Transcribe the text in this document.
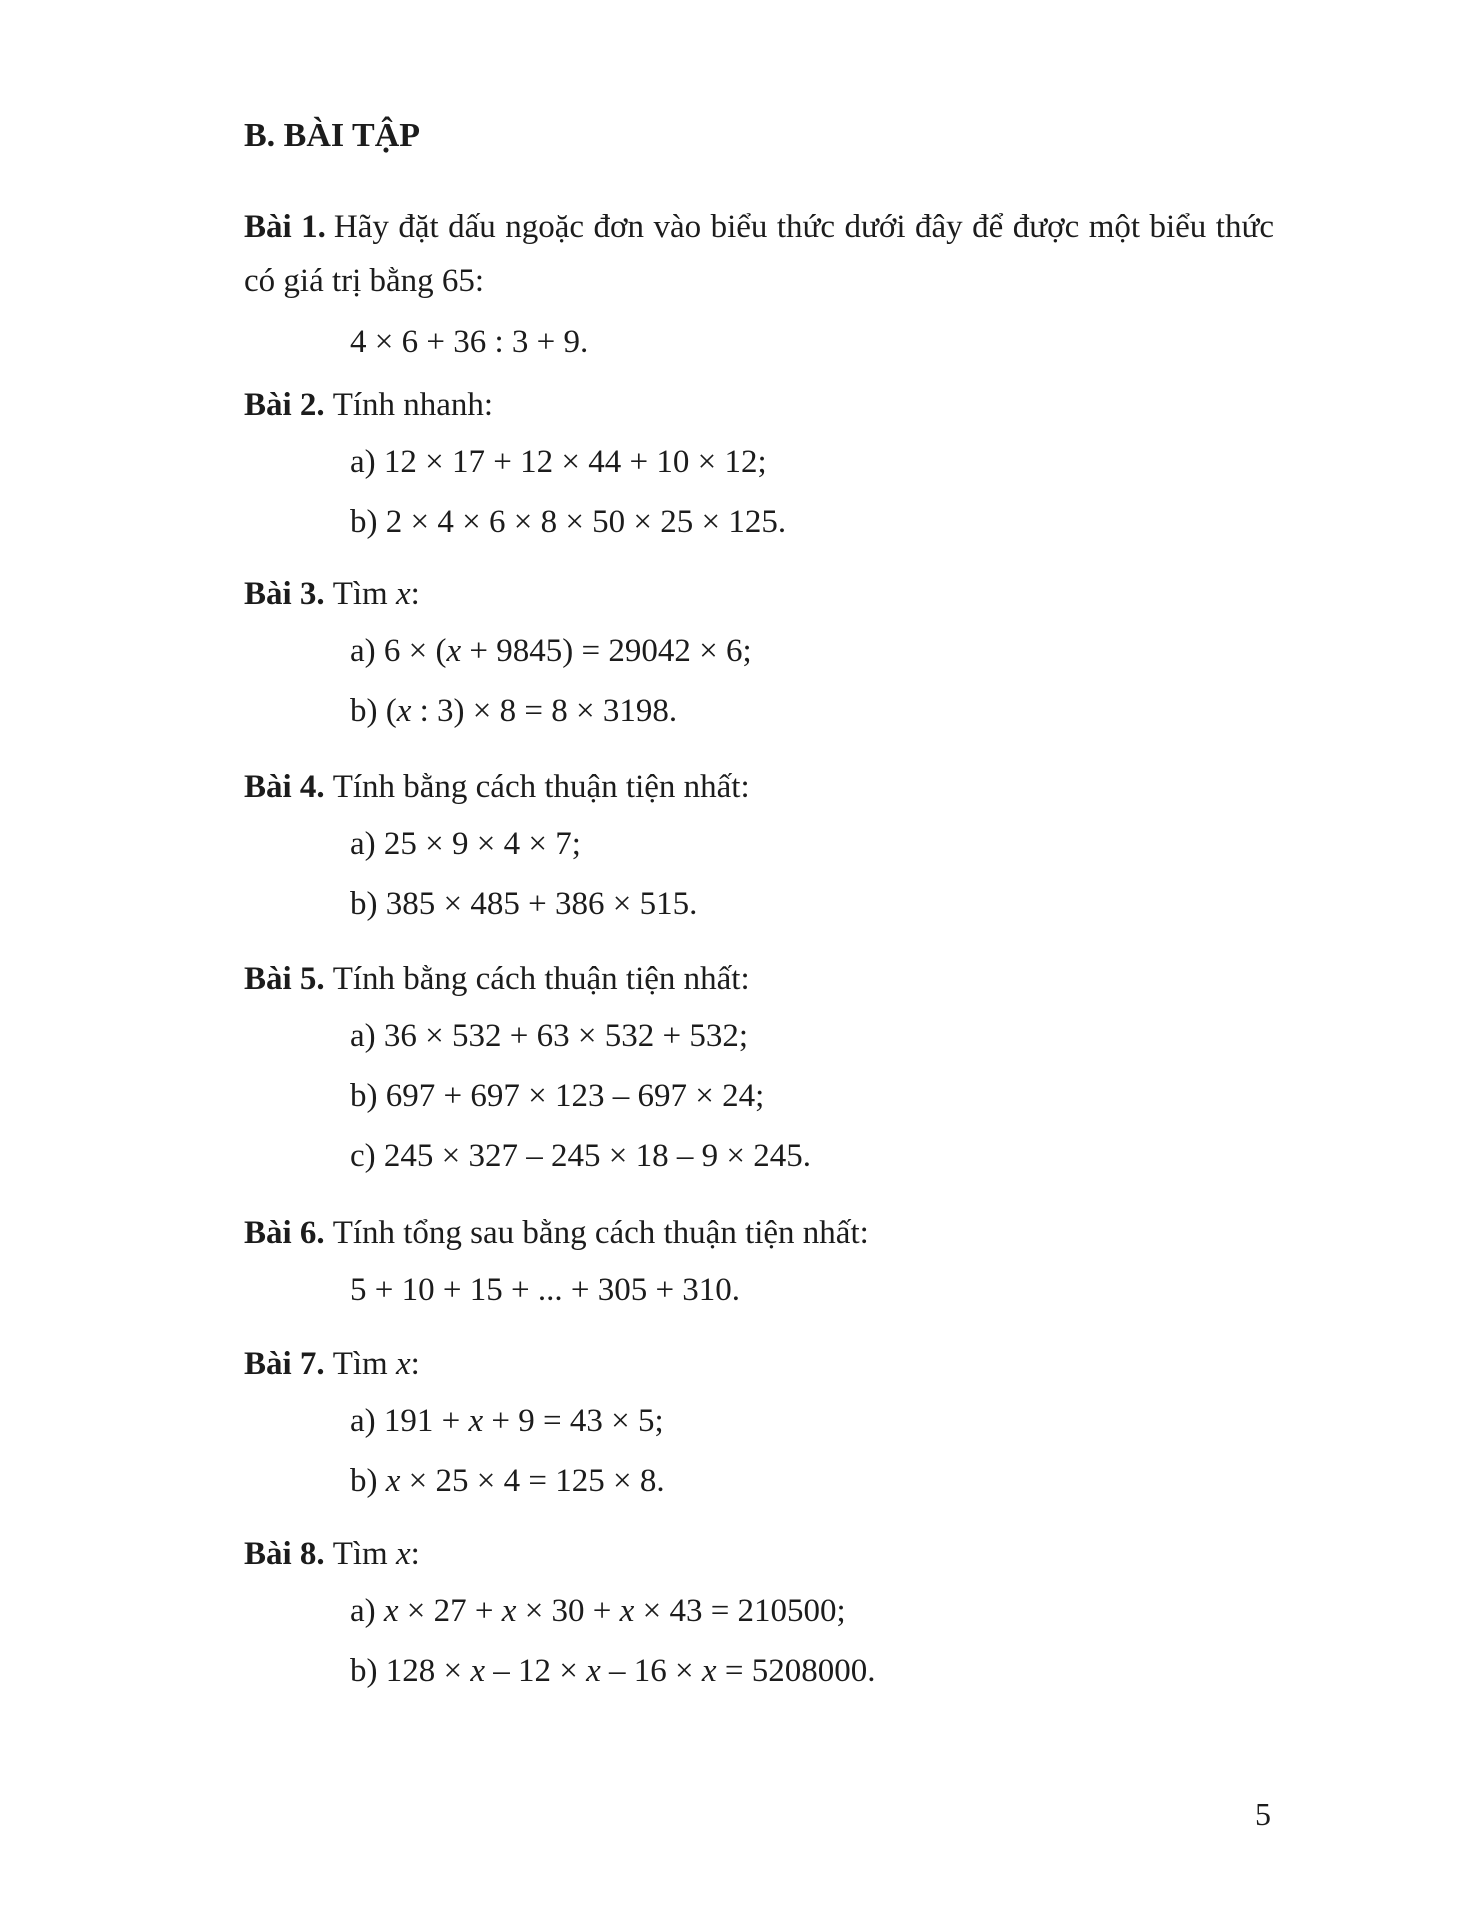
B. BÀI TẬP
Bài 1. Hãy đặt dấu ngoặc đơn vào biểu thức dưới đây để được một biểu thức có giá trị bằng 65:

4 × 6 + 36 : 3 + 9.

Bài 2. Tính nhanh:

a) 12 × 17 + 12 × 44 + 10 × 12;

b) 2 × 4 × 6 × 8 × 50 × 25 × 125.

Bài 3. Tìm x:

a) 6 × (x + 9845) = 29042 × 6;

b) (x : 3) × 8 = 8 × 3198.

Bài 4. Tính bằng cách thuận tiện nhất:

a) 25 × 9 × 4 × 7;

b) 385 × 485 + 386 × 515.

Bài 5. Tính bằng cách thuận tiện nhất:

a) 36 × 532 + 63 × 532 + 532;

b) 697 + 697 × 123 – 697 × 24;

c) 245 × 327 – 245 × 18 – 9 × 245.

Bài 6. Tính tổng sau bằng cách thuận tiện nhất:

5 + 10 + 15 + ... + 305 + 310.

Bài 7. Tìm x:

a) 191 + x + 9 = 43 × 5;

b) x × 25 × 4 = 125 × 8.

Bài 8. Tìm x:

a) x × 27 + x × 30 + x × 43 = 210500;

b) 128 × x – 12 × x – 16 × x = 5208000.

5
